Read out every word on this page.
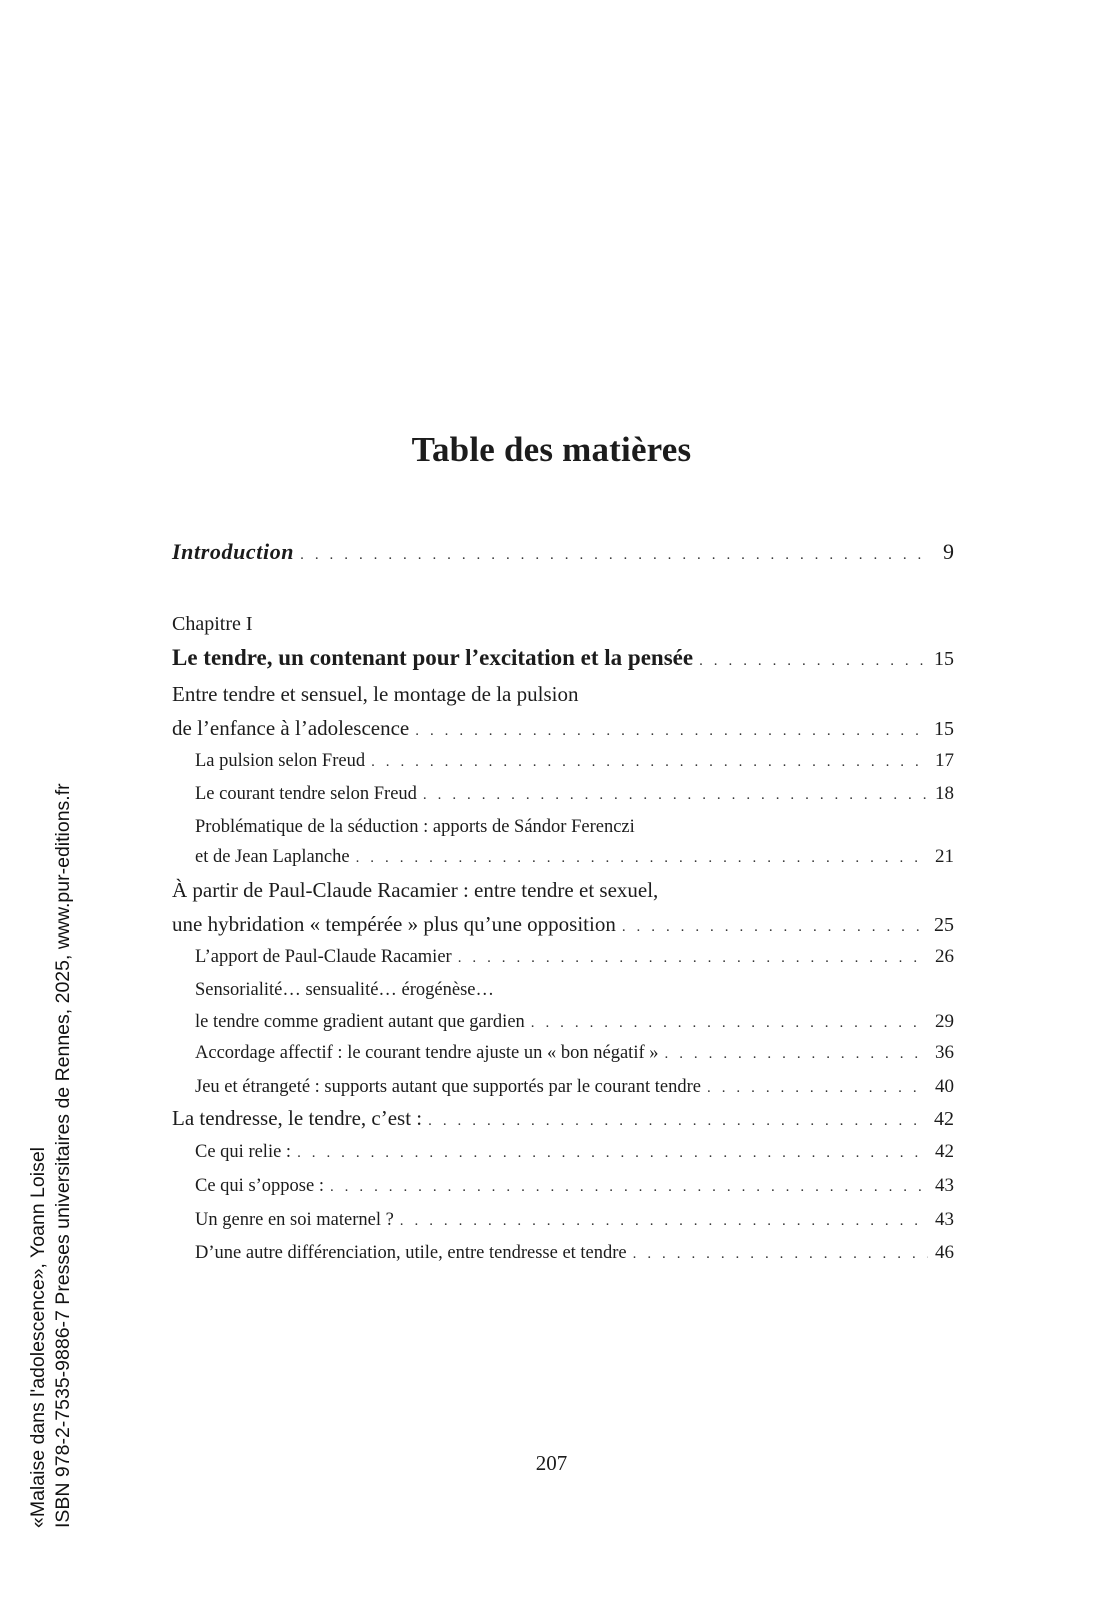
«Malaise dans l'adolescence», Yoann Loisel ISBN 978-2-7535-9886-7 Presses universitaires de Rennes, 2025, www.pur-editions.fr
Table des matières
Introduction . . .	9
Chapitre I
Le tendre, un contenant pour l’excitation et la pensée . . .	15
Entre tendre et sensuel, le montage de la pulsion
de l’enfance à l’adolescence . . .	15
La pulsion selon Freud . . .	17
Le courant tendre selon Freud . . .	18
Problématique de la séduction : apports de Sándor Ferenczi
et de Jean Laplanche . . .	21
À partir de Paul-Claude Racamier : entre tendre et sexuel,
une hybridation « tempérée » plus qu’une opposition . . .	25
L’apport de Paul-Claude Racamier . . .	26
Sensorialité… sensualité… érogénèse…
le tendre comme gradient autant que gardien . . .	29
Accordage affectif : le courant tendre ajuste un « bon négatif » . . .	36
Jeu et étrangeté : supports autant que supportés par le courant tendre . . .	40
La tendresse, le tendre, c’est : . . .	42
Ce qui relie : . . .	42
Ce qui s’oppose : . . .	43
Un genre en soi maternel ? . . .	43
D’une autre différenciation, utile, entre tendresse et tendre . . .	46
207
